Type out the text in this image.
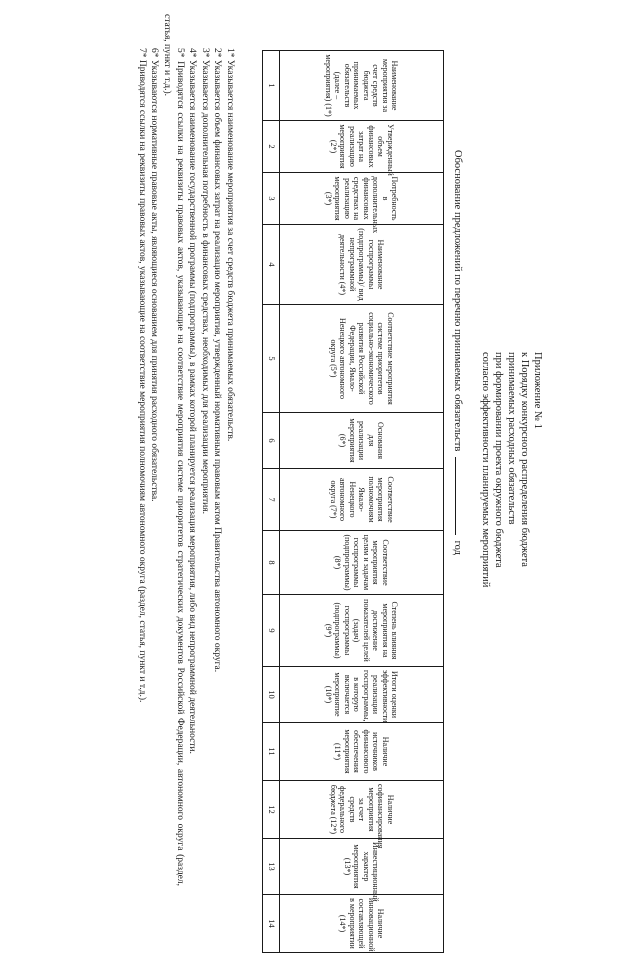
Приложение № 1
к Порядку конкурсного распределения бюджета
принимаемых расходных обязательств
при формировании проекта окружного бюджета
согласно эффективности планируемых мероприятий
Обоснование предложений по перечню принимаемых обязательств  год
Наименование мероприятия за счет средств бюджета принимаемых обязательств (далее – мероприятия) (1*)	Утвержденный объем финансовых затрат на реализацию мероприятия (2*)	Потребность в дополнительных финансовых средствах на реализацию мероприятия (3*)	Наименование госпрограммы (подпрограммы)/ вид непрограммной деятельности (4*)	Соответствие мероприятия системе приоритетов социально-экономического развития Российской Федерации, Ямало-Ненецкого автономного округа (5*)	Основания для реализации мероприятия (6*)	Соответствие мероприятия полномочиям Ямало-Ненецкого автономного округа (7*)	Соответствие мероприятия целям и задачам госпрограммы (подпрограммы) (8*)	Степень влияния мероприятия на достижение показателей целей (задач) госпрограммы (подпрограммы) (9*)	Итоги оценки эффективности реализации госпрограммы, в которую включается мероприятие (10*)	Наличие источников финансового обеспечения мероприятия (11*)	Наличие софинансирования мероприятия за счет средств федерального бюджета (12*)	Инвестиционный характер мероприятия (13*)	Наличие инновационной составляющей в мероприятии (14*)
1	2	3	4	5	6	7	8	9	10	11	12	13	14

1* Указывается наименование мероприятия за счет средств бюджета принимаемых обязательств.

2* Указывается объем финансовых затрат на реализацию мероприятия, утвержденный нормативным правовым актом Правительства автономного округа.

3* Указывается дополнительная потребность в финансовых средствах, необходимых для реализации мероприятия.

4* Указывается наименование государственной программы (подпрограммы), в рамках которой планируется реализация мероприятия, либо вид непрограммной деятельности.

5* Приводятся ссылки на реквизиты правовых актов, указывающие на соответствие мероприятия системе приоритетов стратегических документов Российской Федерации, автономного округа (раздел, статья, пункт и т.д.).

6* Указываются нормативные правовые акты, являющиеся основанием для принятия расходного обязательства.

7* Приводятся ссылки на реквизиты правовых актов, указывающие на соответствие мероприятия полномочиям автономного округа (раздел, статья, пункт и т.д.).
